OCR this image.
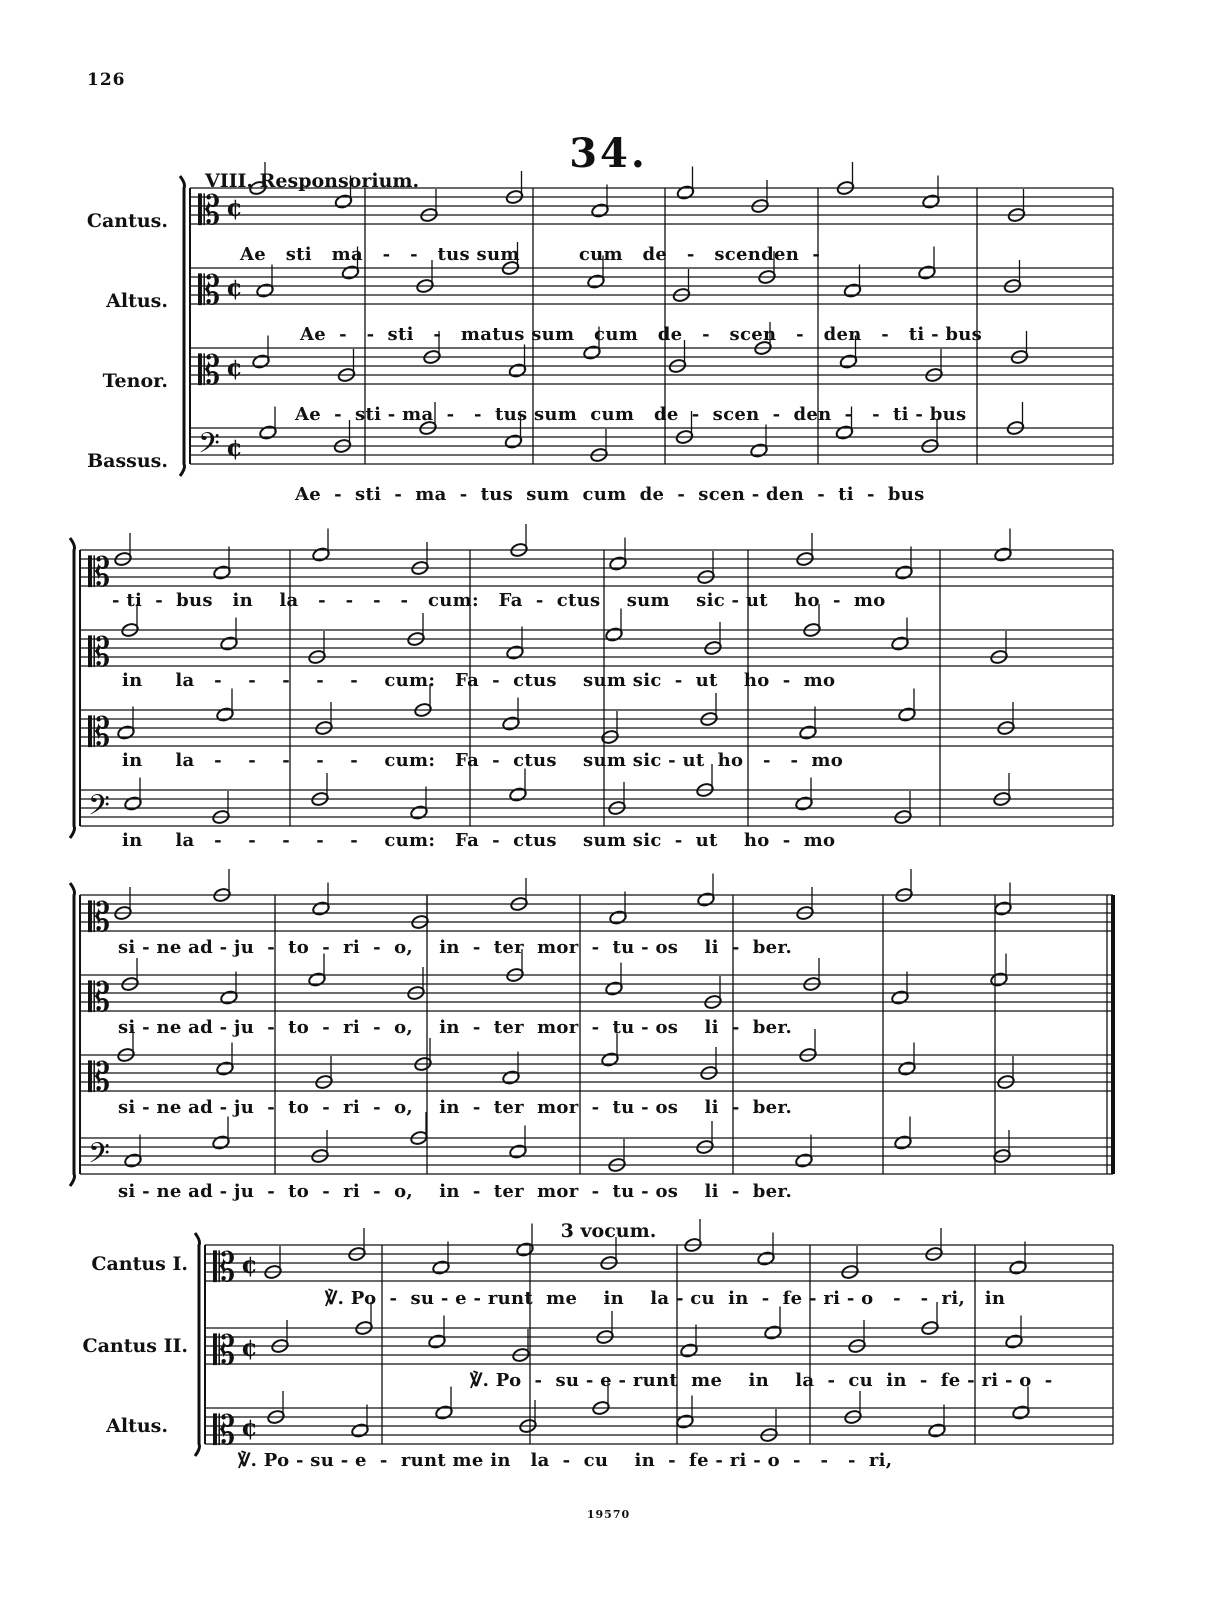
126
34.
VIII. Responsorium.
3 vocum.
Cantus.
Altus.
Tenor.
Bassus.
Cantus I.
Cantus II.
Altus.
Ae   sti   ma   -   -   tus sum         cum   de   -   scenden  -
Ae  -   -  sti   -   matus sum   cum   de   -   scen   -   den   -   ti - bus
Ae  -  sti - ma  -   -  tus sum  cum   de  -  scen  -  den  -   -  ti - bus
Ae  -  sti  -  ma  -  tus  sum  cum  de  -  scen - den  -  ti  -  bus
- ti  -  bus   in    la   -   -   -   -   cum:   Fa  -  ctus    sum    sic - ut    ho  -  mo
in     la   -    -    -    -    -    cum:   Fa  -  ctus    sum sic  -  ut    ho  -  mo
in     la   -    -    -    -    -    cum:   Fa  -  ctus    sum sic - ut  ho   -   -  mo
in     la   -    -    -    -    -    cum:   Fa  -  ctus    sum sic  -  ut    ho  -  mo
si - ne ad - ju  -  to  -  ri  -  o,    in  -  ter  mor  -  tu - os    li  -  ber.
si - ne ad - ju  -  to  -  ri  -  o,    in  -  ter  mor  -  tu - os    li  -  ber.
si - ne ad - ju  -  to  -  ri  -  o,    in  -  ter  mor  -  tu - os    li  -  ber.
si - ne ad - ju  -  to  -  ri  -  o,    in  -  ter  mor  -  tu - os    li  -  ber.
℣. Po  -  su - e - runt  me    in    la - cu  in  -  fe - ri - o   -   -  ri,   in
℣. Po  -  su - e - runt  me    in    la  -  cu  in  -  fe - ri - o  -
℣. Po - su - e  -  runt me in   la  -  cu    in  -  fe - ri - o  -   -   -  ri,
𝄡 ¢
𝄡 ¢
𝄡 ¢
𝄢 ¢
𝄡
𝄡
𝄡
𝄢
𝄡
𝄡
𝄡
𝄢
𝄡 ¢
𝄡 ¢
𝄡 ¢
19570
